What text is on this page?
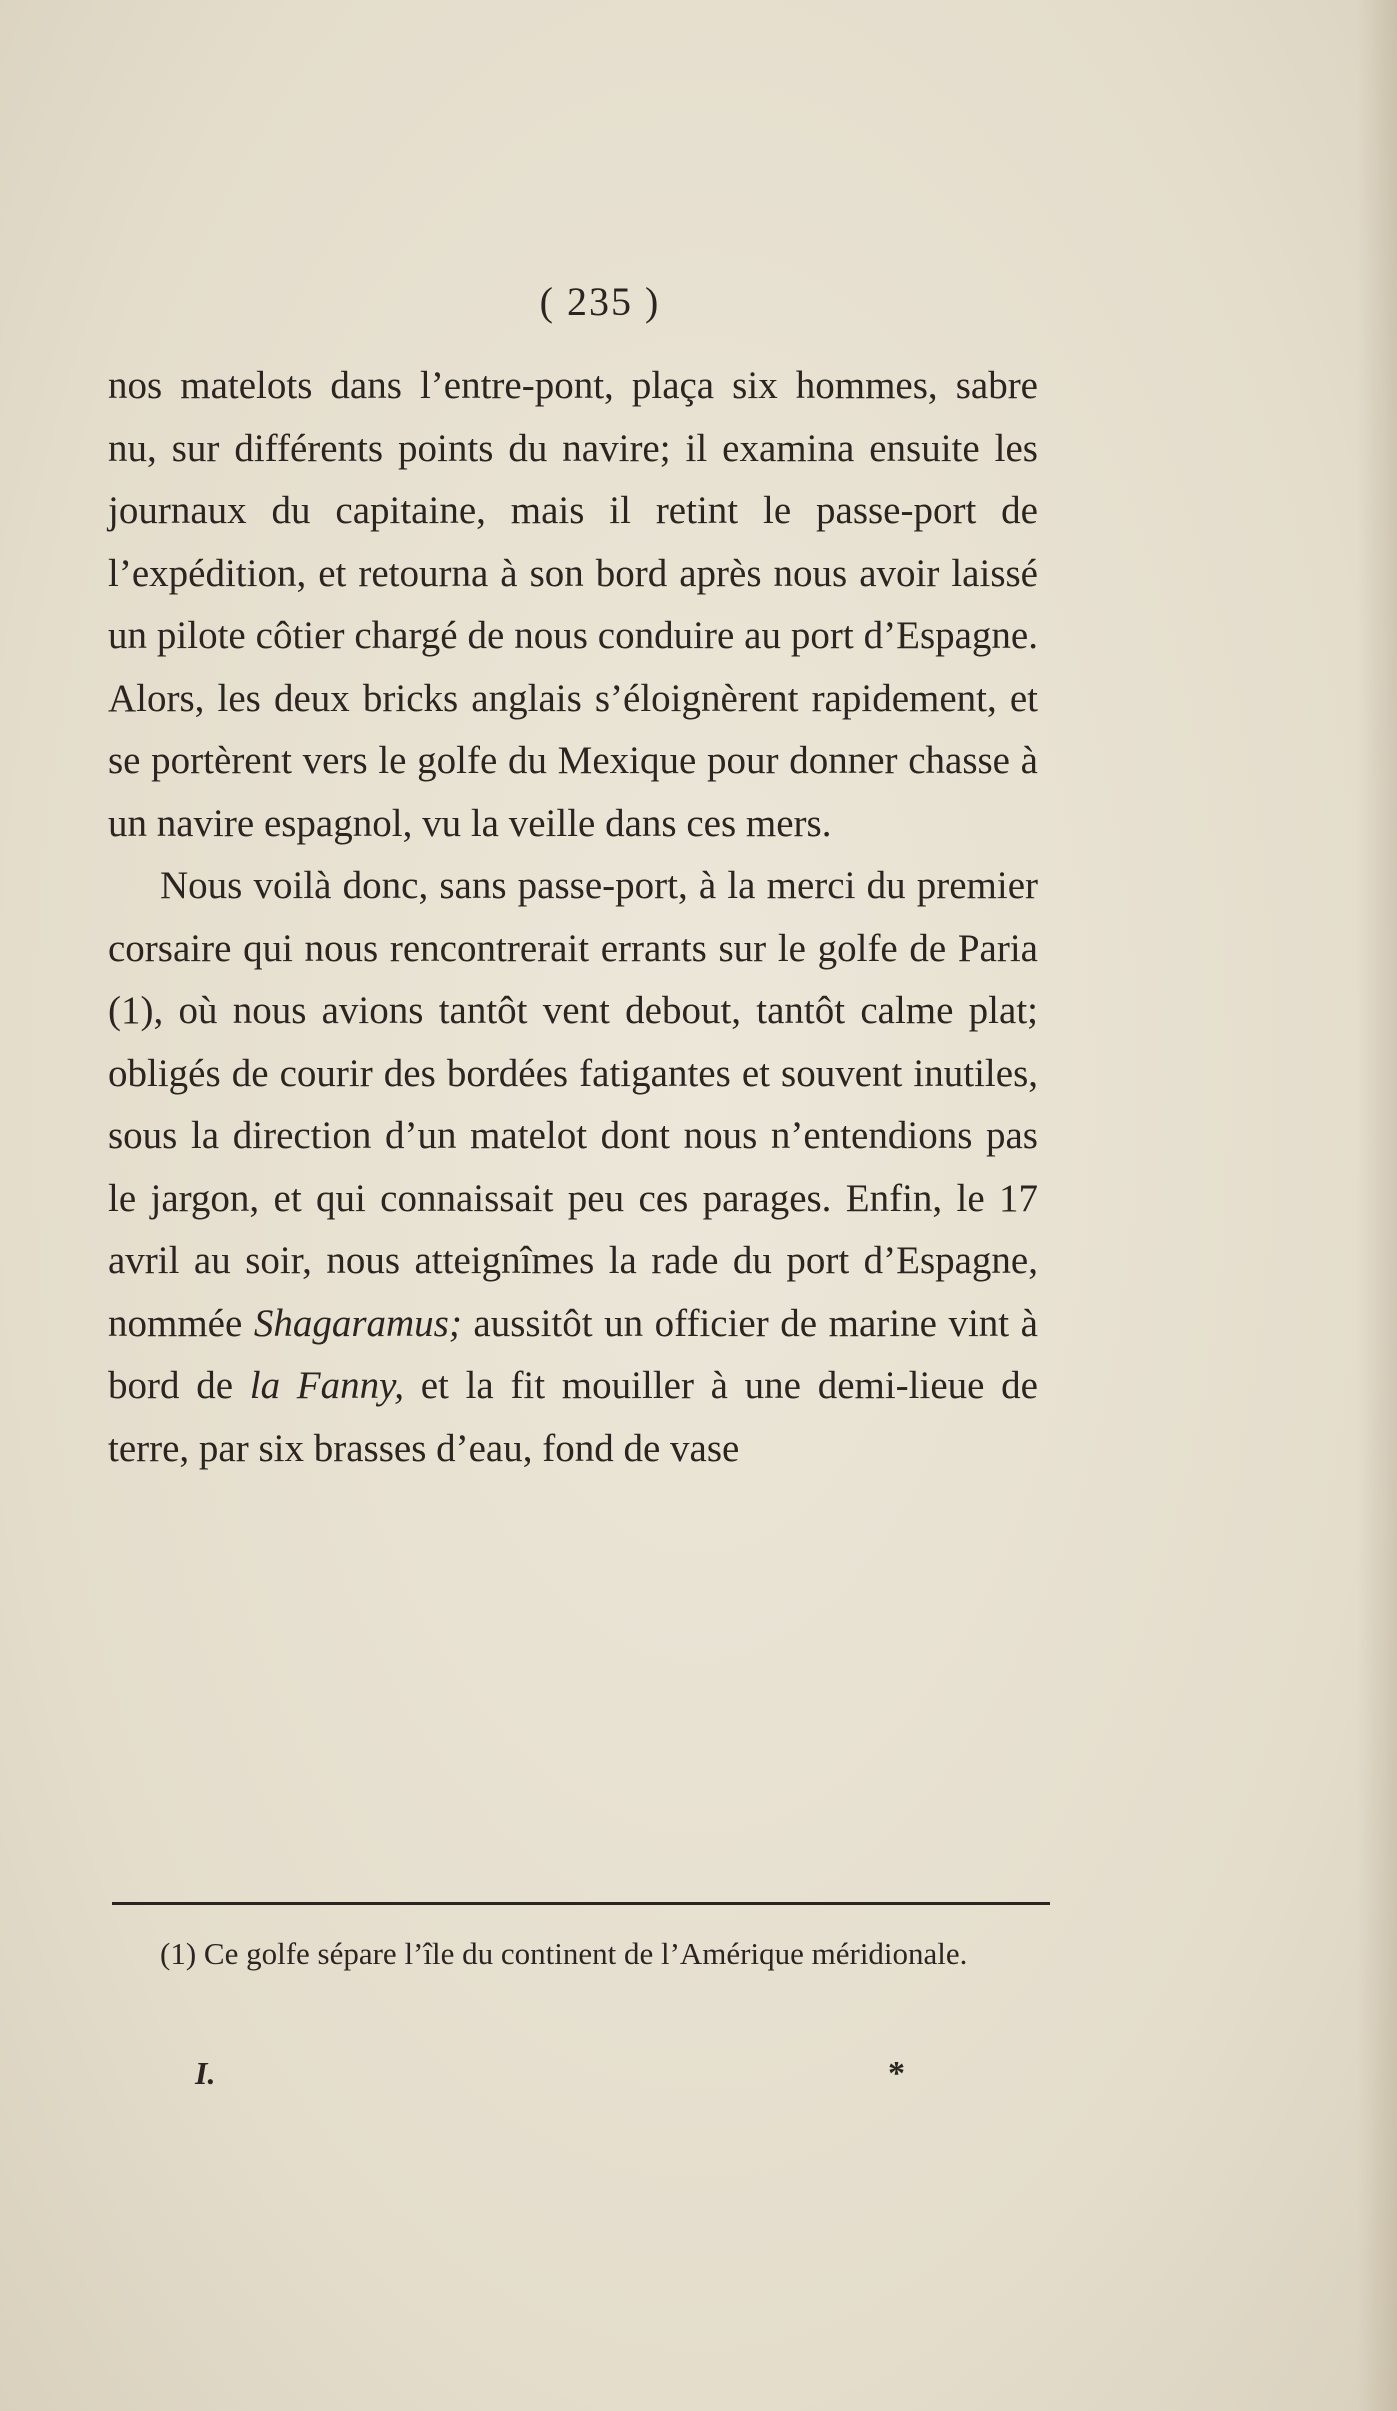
( 235 )

nos matelots dans l’entre-pont, plaça six hommes, sabre nu, sur différents points du navire; il examina ensuite les journaux du capitaine, mais il retint le passe-port de l’expédition, et retourna à son bord après nous avoir laissé un pilote côtier chargé de nous conduire au port d’Espagne. Alors, les deux bricks anglais s’éloignèrent rapidement, et se portèrent vers le golfe du Mexique pour donner chasse à un navire espagnol, vu la veille dans ces mers.

Nous voilà donc, sans passe-port, à la merci du premier corsaire qui nous rencontrerait errants sur le golfe de Paria (1), où nous avions tantôt vent debout, tantôt calme plat; obligés de courir des bordées fatigantes et souvent inutiles, sous la direction d’un matelot dont nous n’entendions pas le jargon, et qui connaissait peu ces parages. Enfin, le 17 avril au soir, nous atteignîmes la rade du port d’Espagne, nommée Shagaramus; aussitôt un officier de marine vint à bord de la Fanny, et la fit mouiller à une demi-lieue de terre, par six brasses d’eau, fond de vase

(1) Ce golfe sépare l’île du continent de l’Amérique méridionale.

I.	*
